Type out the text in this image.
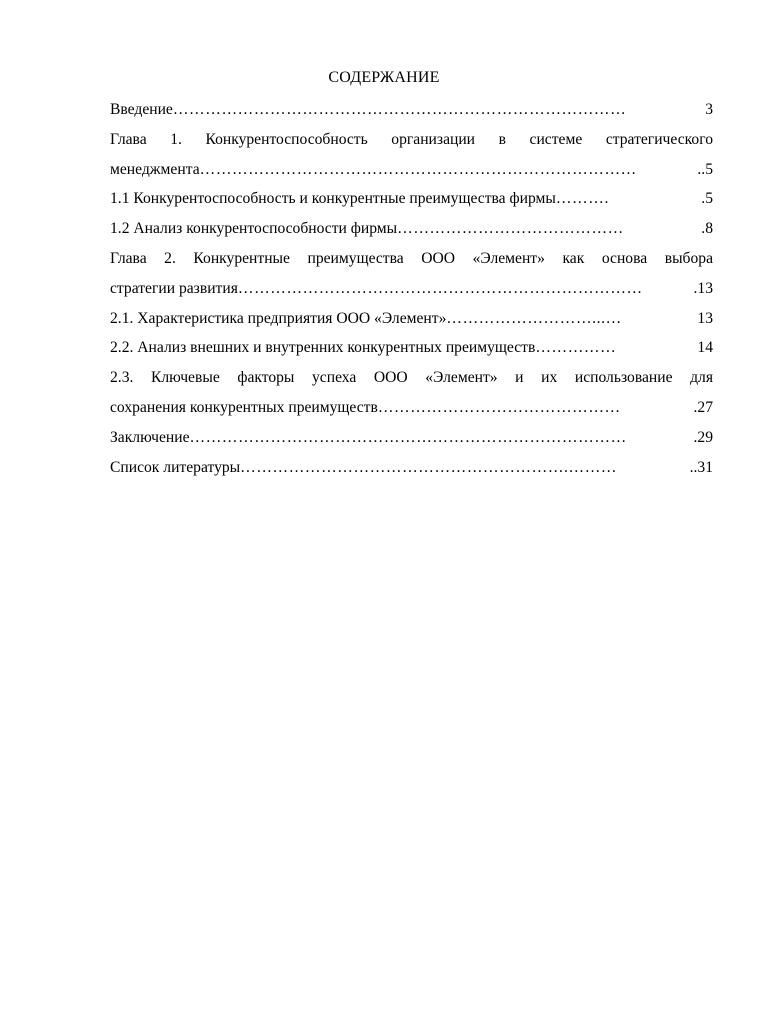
СОДЕРЖАНИЕ
Введение …………………………………………………………………………	3
Глава 1. Конкурентоспособность организации в системе стратегического
менеджмента ………………………………………………………………………	..5
1.1 Конкурентоспособность и конкурентные преимущества фирмы ……….	.5
1.2 Анализ конкурентоспособности фирмы ……………………………………	.8
Глава 2. Конкурентные преимущества ООО «Элемент» как основа выбора
стратегии развития …………………………………………………………………	.13
2.1. Характеристика предприятия ООО «Элемент» ………………………...…	13
2.2. Анализ внешних и внутренних конкурентных преимуществ ……………	14
2.3. Ключевые факторы успеха ООО «Элемент» и их использование для
сохранения конкурентных преимуществ ………………………………………	.27
Заключение ………………………………………………………………………	.29
Список литературы …………………………………………………….………	..31
